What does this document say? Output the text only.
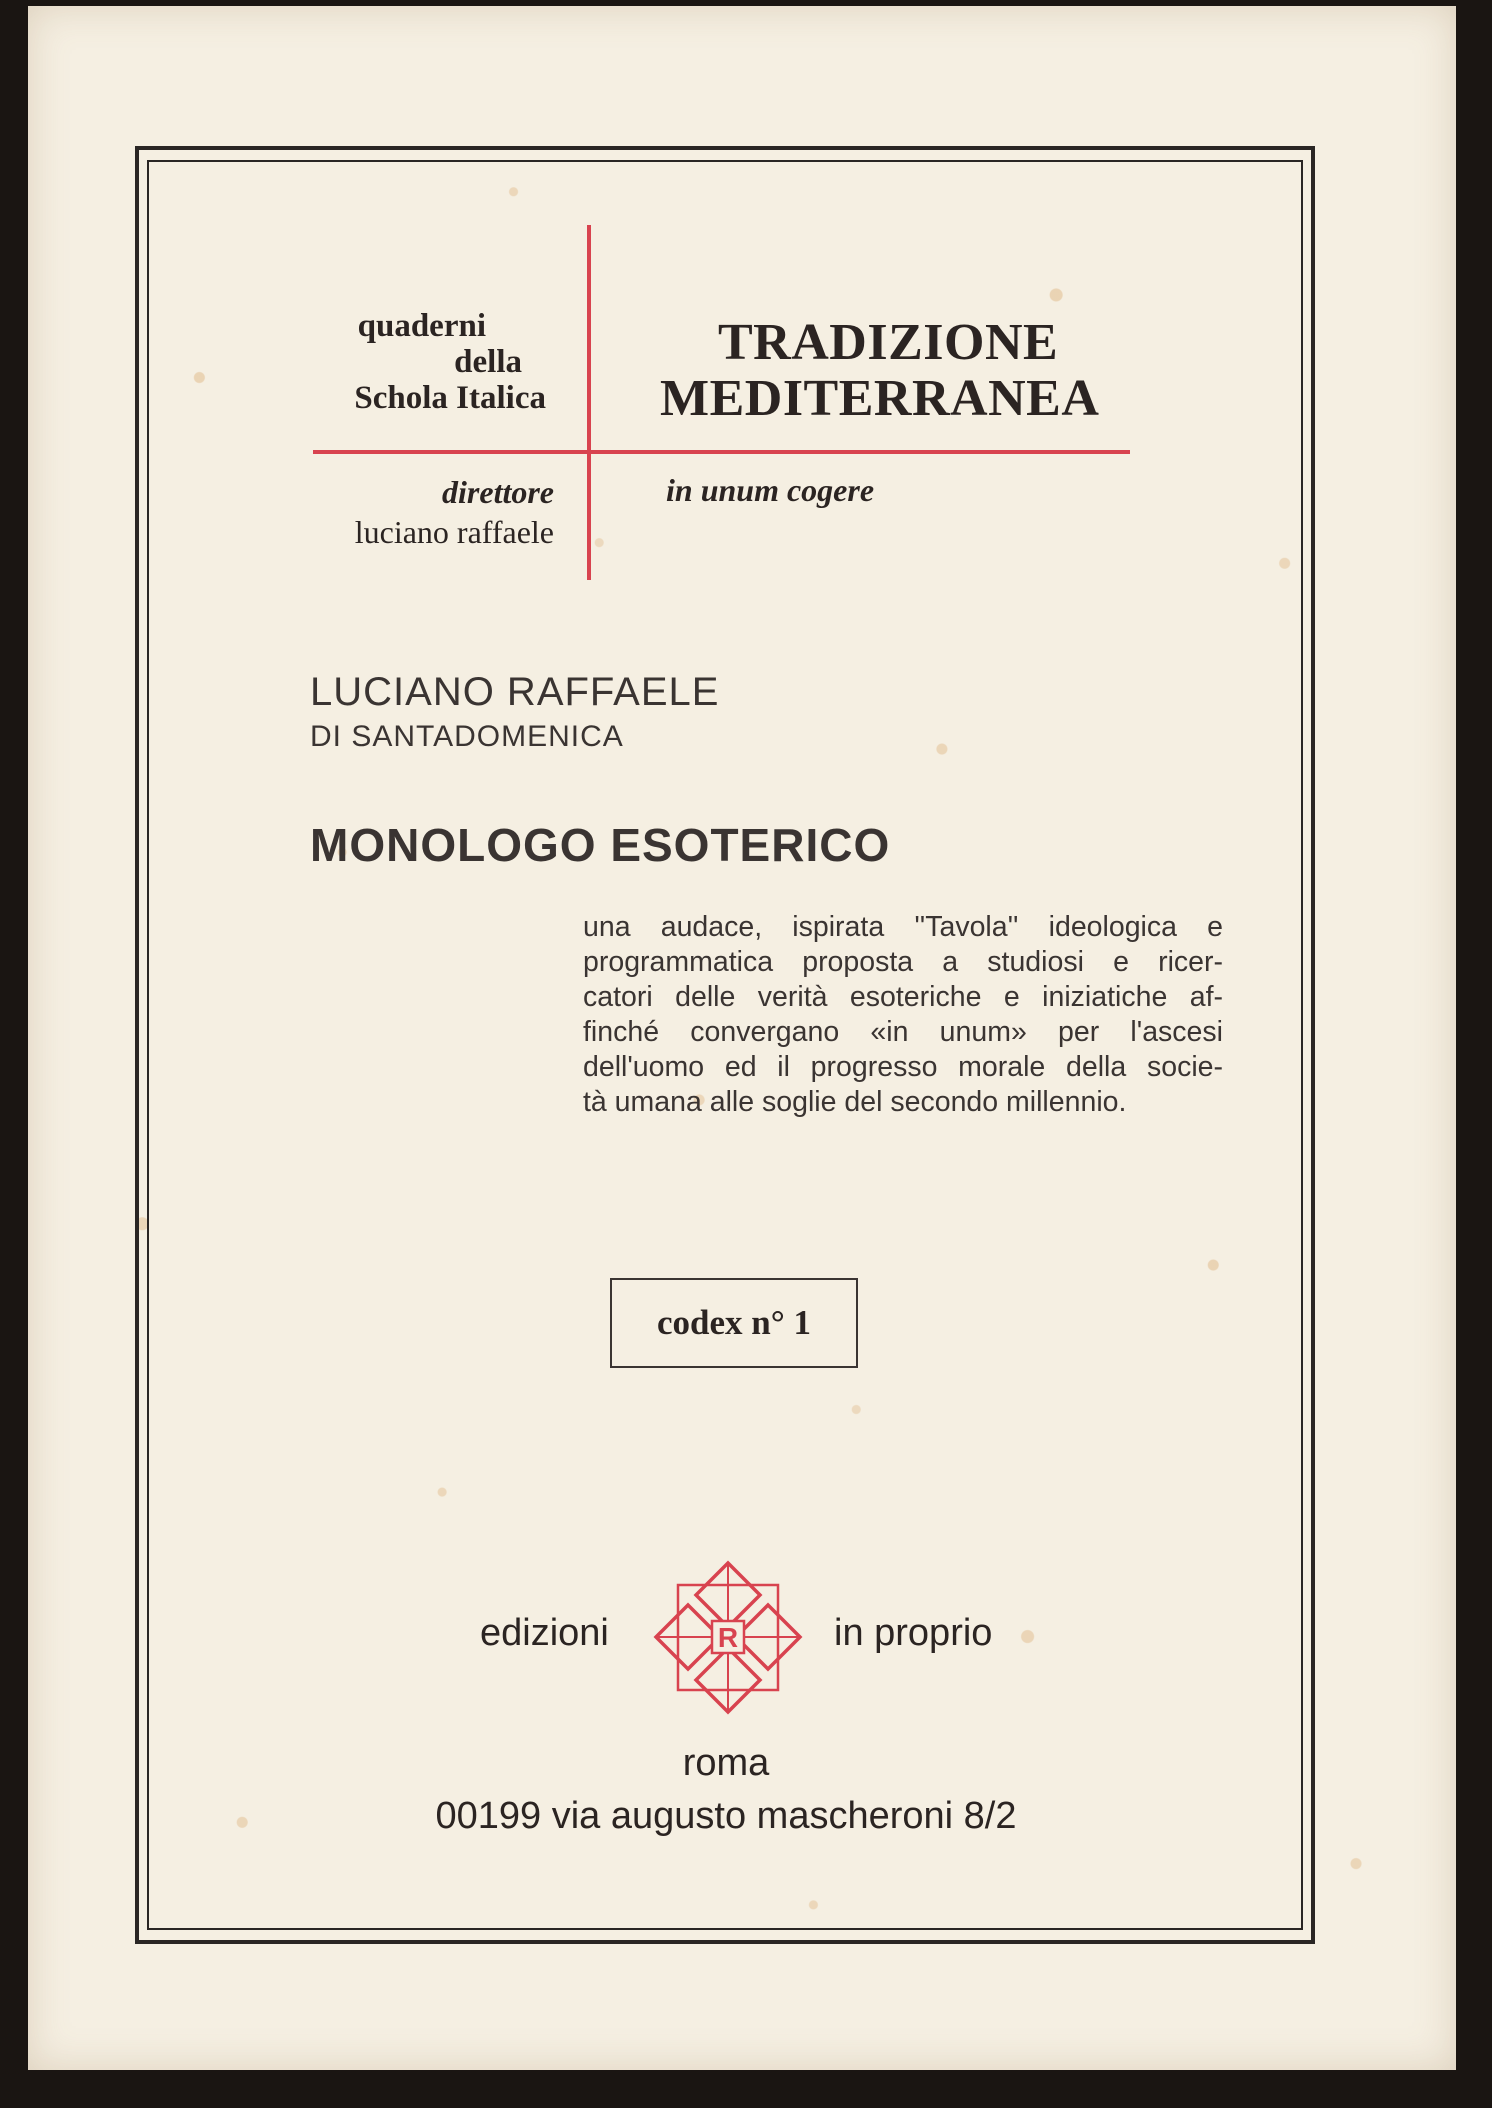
quaderni
della
Schola Italica
TRADIZIONE
MEDITERRANEA
direttore
luciano raffaele
in unum cogere
LUCIANO RAFFAELE
DI SANTADOMENICA
MONOLOGO ESOTERICO
una audace, ispirata ''Tavola'' ideologica e
programmatica proposta a studiosi e ricer-
catori delle verità esoteriche e iniziatiche af-
finché convergano «in unum» per l'ascesi
dell'uomo ed il progresso morale della socie-
tà umana alle soglie del secondo millennio.
codex n° 1
edizioni	R	in proprio
roma
00199 via augusto mascheroni 8/2
